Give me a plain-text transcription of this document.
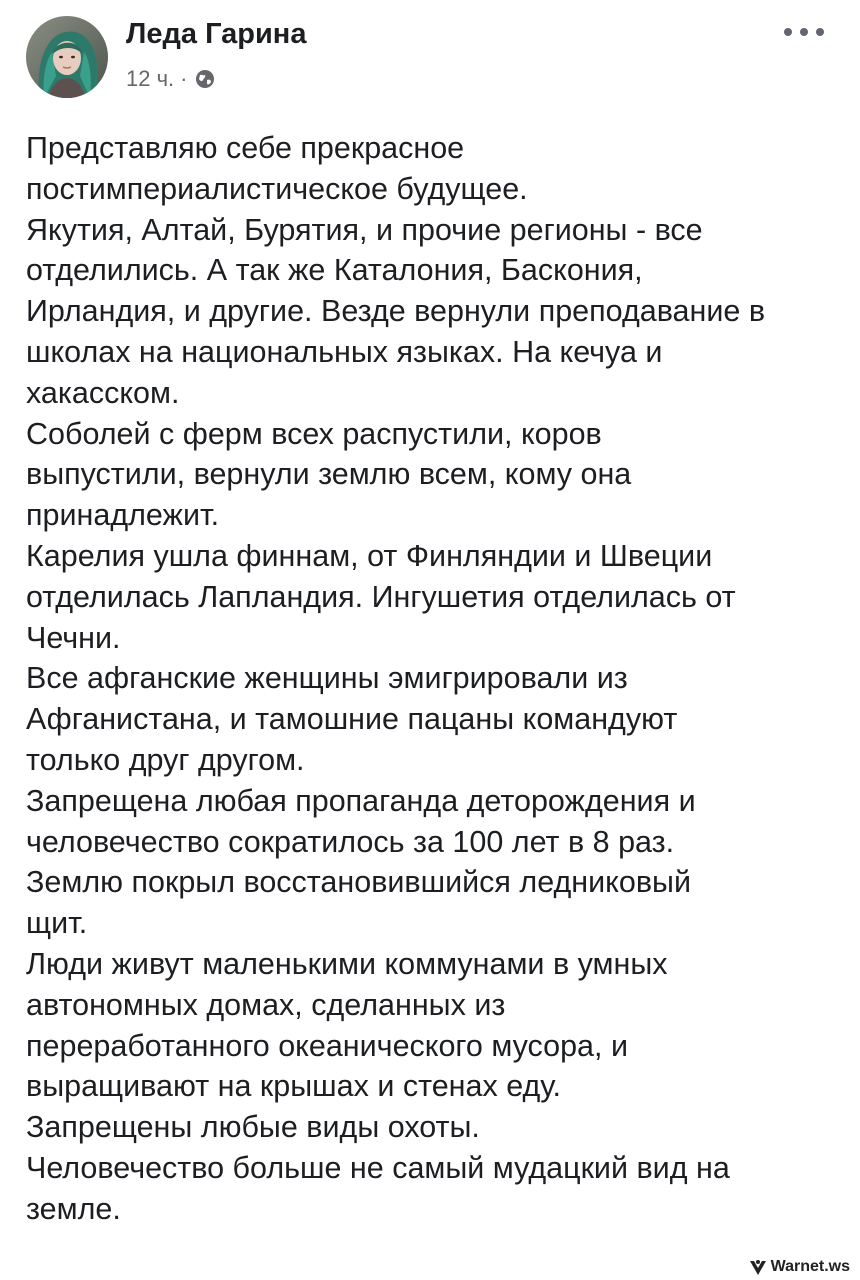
Леда Гарина
12 ч. ·
Представляю себе прекрасное
постимпериалистическое будущее.
Якутия, Алтай, Бурятия, и прочие регионы - все
отделились. А так же Каталония, Баскония,
Ирландия, и другие. Везде вернули преподавание в
школах на национальных языках. На кечуа и
хакасском.
Соболей с ферм всех распустили, коров
выпустили, вернули землю всем, кому она
принадлежит.
Карелия ушла финнам, от Финляндии и Швеции
отделилась Лапландия. Ингушетия отделилась от
Чечни.
Все афганские женщины эмигрировали из
Афганистана, и тамошние пацаны командуют
только друг другом.
Запрещена любая пропаганда деторождения и
человечество сократилось за 100 лет в 8 раз.
Землю покрыл восстановившийся ледниковый
щит.
Люди живут маленькими коммунами в умных
автономных домах, сделанных из
переработанного океанического мусора, и
выращивают на крышах и стенах еду.
Запрещены любые виды охоты.
Человечество больше не самый мудацкий вид на
земле.
Warnet.ws
